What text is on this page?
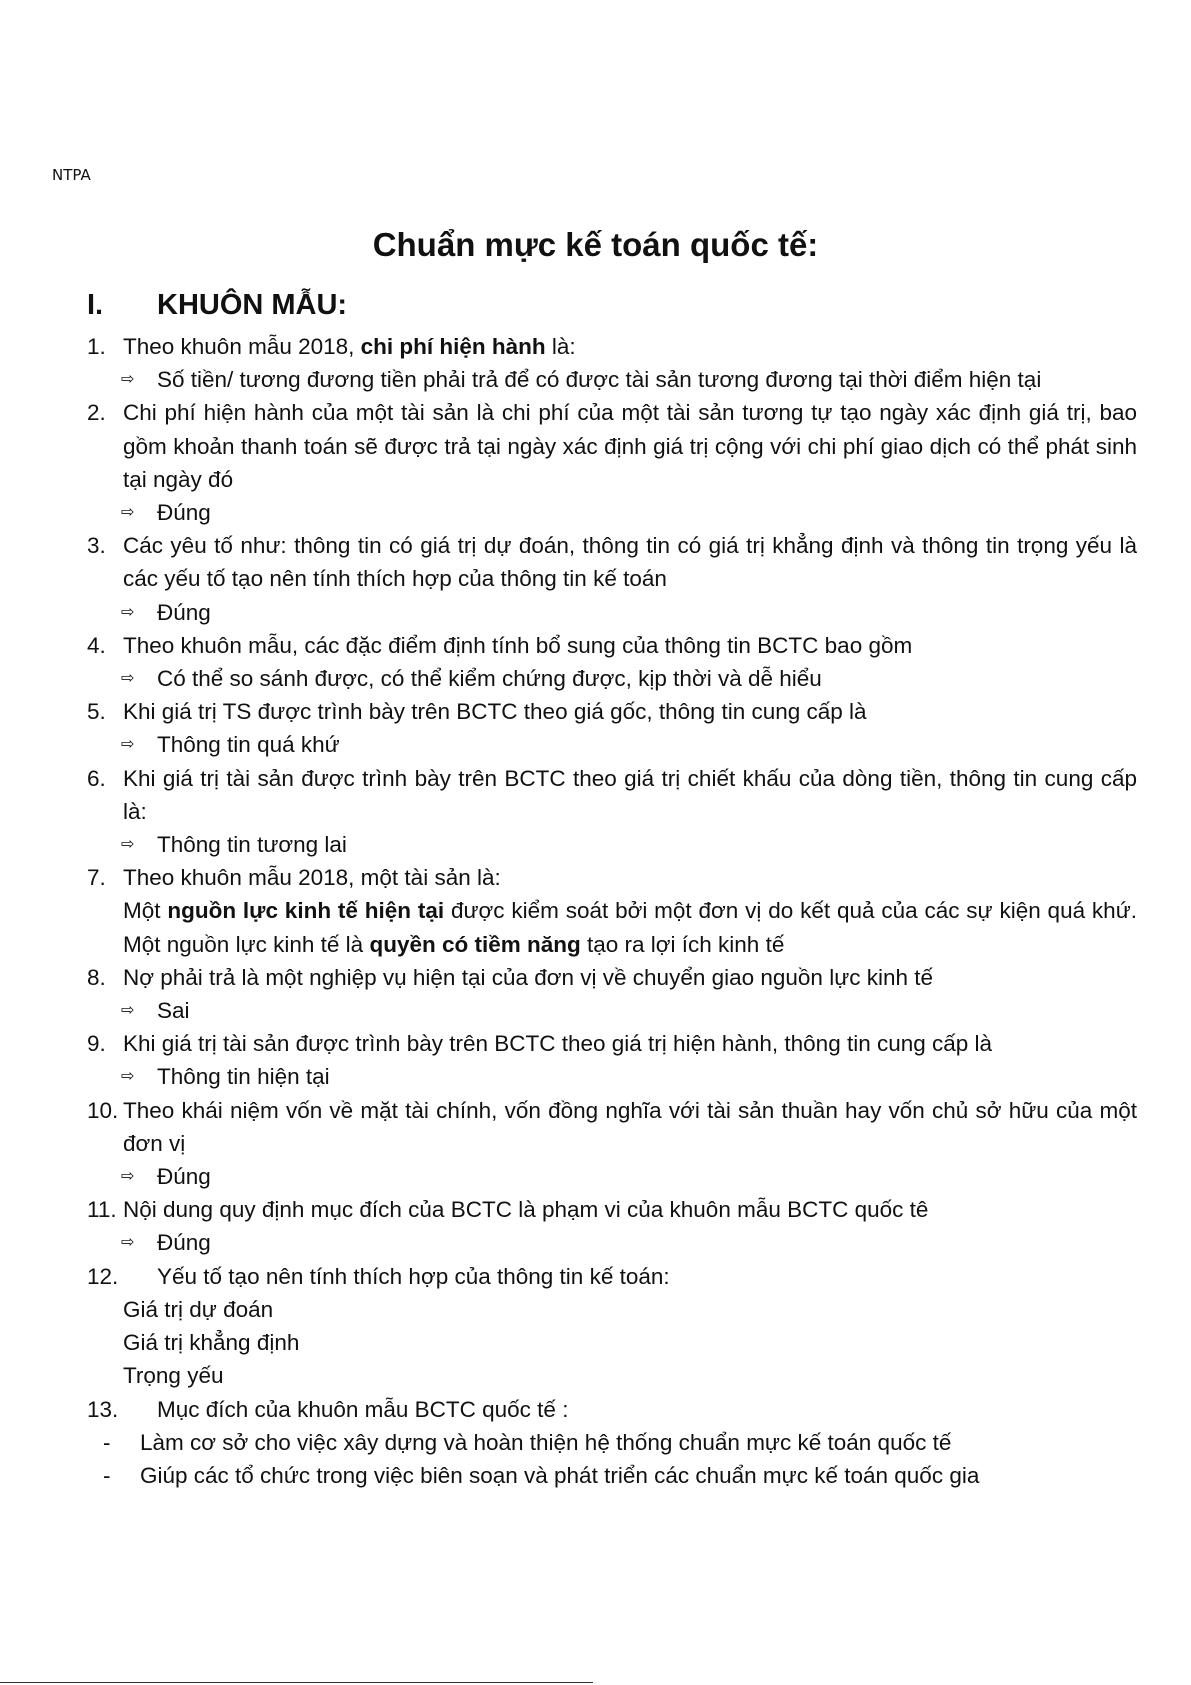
NTPA
Chuẩn mực kế toán quốc tế:
I. KHUÔN MẪU:
1. Theo khuôn mẫu 2018, chi phí hiện hành là:
⇨ Số tiền/ tương đương tiền phải trả để có được tài sản tương đương tại thời điểm hiện tại
2. Chi phí hiện hành của một tài sản là chi phí của một tài sản tương tự tạo ngày xác định giá trị, bao gồm khoản thanh toán sẽ được trả tại ngày xác định giá trị cộng với chi phí giao dịch có thể phát sinh tại ngày đó
⇨ Đúng
3. Các yêu tố như: thông tin có giá trị dự đoán, thông tin có giá trị khẳng định và thông tin trọng yếu là các yếu tố tạo nên tính thích hợp của thông tin kế toán
⇨ Đúng
4. Theo khuôn mẫu, các đặc điểm định tính bổ sung của thông tin BCTC bao gồm
⇨ Có thể so sánh được, có thể kiểm chứng được, kịp thời và dễ hiểu
5. Khi giá trị TS được trình bày trên BCTC theo giá gốc, thông tin cung cấp là
⇨ Thông tin quá khứ
6. Khi giá trị tài sản được trình bày trên BCTC theo giá trị chiết khấu của dòng tiền, thông tin cung cấp là:
⇨ Thông tin tương lai
7. Theo khuôn mẫu 2018, một tài sản là:
Một nguồn lực kinh tế hiện tại được kiểm soát bởi một đơn vị do kết quả của các sự kiện quá khứ. Một nguồn lực kinh tế là quyền có tiềm năng tạo ra lợi ích kinh tế
8. Nợ phải trả là một nghiệp vụ hiện tại của đơn vị về chuyển giao nguồn lực kinh tế
⇨ Sai
9. Khi giá trị tài sản được trình bày trên BCTC theo giá trị hiện hành, thông tin cung cấp là
⇨ Thông tin hiện tại
10. Theo khái niệm vốn về mặt tài chính, vốn đồng nghĩa với tài sản thuần hay vốn chủ sở hữu của một đơn vị
⇨ Đúng
11. Nội dung quy định mục đích của BCTC là phạm vi của khuôn mẫu BCTC quốc tê
⇨ Đúng
12. Yếu tố tạo nên tính thích hợp của thông tin kế toán:
Giá trị dự đoán
Giá trị khẳng định
Trọng yếu
13. Mục đích của khuôn mẫu BCTC quốc tế :
- Làm cơ sở cho việc xây dựng và hoàn thiện hệ thống chuẩn mực kế toán quốc tế
- Giúp các tổ chức trong việc biên soạn và phát triển các chuẩn mực kế toán quốc gia
